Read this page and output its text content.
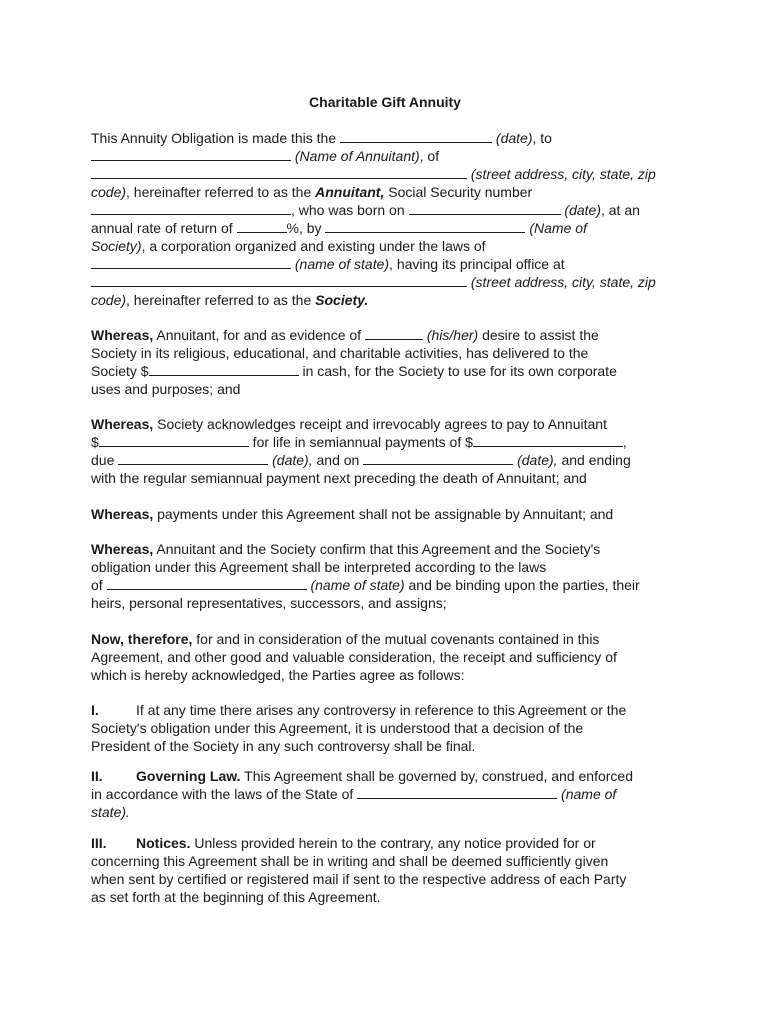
Charitable Gift Annuity
This Annuity Obligation is made this the	(date), to
(Name of Annuitant), of
(street address, city, state, zip
code), hereinafter referred to as the Annuitant, Social Security number
, who was born on	(date), at an
annual rate of return of	%, by	(Name of
Society), a corporation organized and existing under the laws of
(name of state), having its principal office at
(street address, city, state, zip
code), hereinafter referred to as the Society.
Whereas, Annuitant, for and as evidence of	(his/her) desire to assist the
Society in its religious, educational, and charitable activities, has delivered to the
Society $	in cash, for the Society to use for its own corporate
uses and purposes; and
Whereas, Society acknowledges receipt and irrevocably agrees to pay to Annuitant
$	for life in semiannual payments of $	,
due	(date), and on	(date), and ending
with the regular semiannual payment next preceding the death of Annuitant; and
Whereas, payments under this Agreement shall not be assignable by Annuitant; and
Whereas, Annuitant and the Society confirm that this Agreement and the Society's
obligation under this Agreement shall be interpreted according to the laws
of	(name of state) and be binding upon the parties, their
heirs, personal representatives, successors, and assigns;
Now, therefore, for and in consideration of the mutual covenants contained in this
Agreement, and other good and valuable consideration, the receipt and sufficiency of
which is hereby acknowledged, the Parties agree as follows:
I.	If at any time there arises any controversy in reference to this Agreement or the
Society's obligation under this Agreement, it is understood that a decision of the
President of the Society in any such controversy shall be final.
II. Governing Law. This Agreement shall be governed by, construed, and enforced
in accordance with the laws of the State of	(name of
state).
III. Notices. Unless provided herein to the contrary, any notice provided for or
concerning this Agreement shall be in writing and shall be deemed sufficiently given
when sent by certified or registered mail if sent to the respective address of each Party
as set forth at the beginning of this Agreement.
